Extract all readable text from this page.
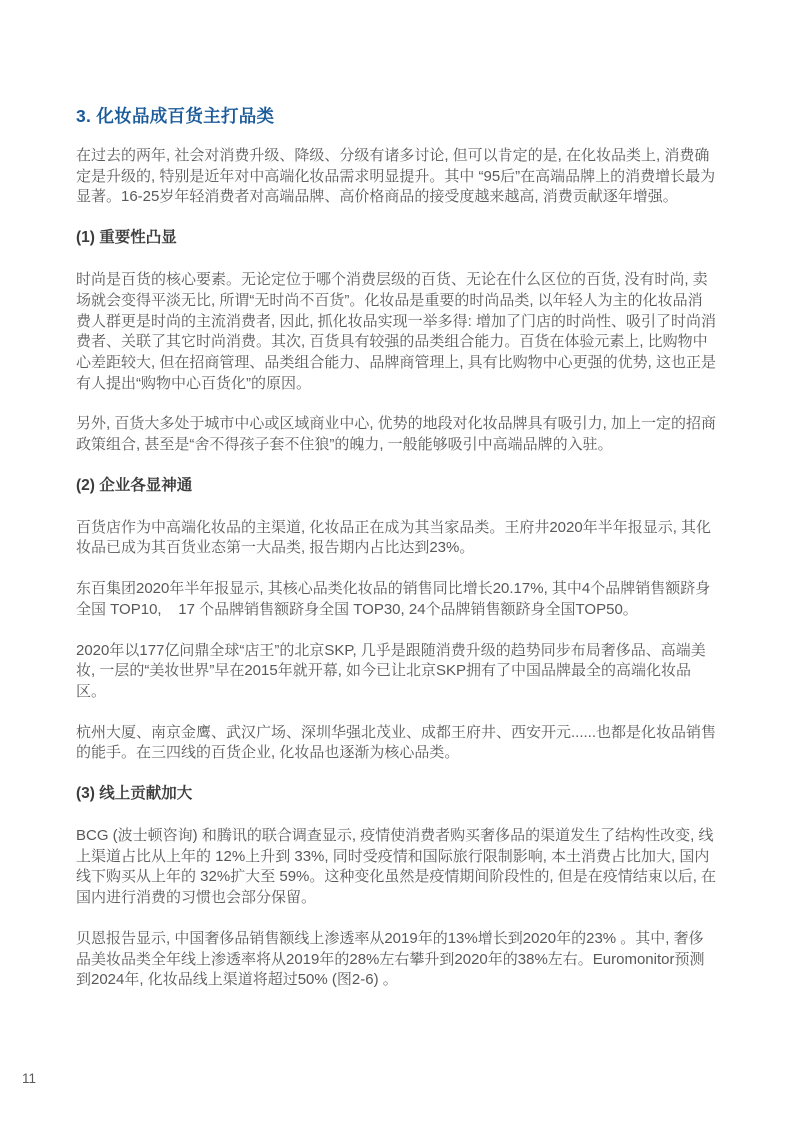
3. 化妆品成百货主打品类

在过去的两年, 社会对消费升级、降级、分级有诸多讨论, 但可以肯定的是, 在化妆品类上, 消费确定是升级的, 特别是近年对中高端化妆品需求明显提升。其中 “95后”在高端品牌上的消费增长最为显著。16-25岁年轻消费者对高端品牌、高价格商品的接受度越来越高, 消费贡献逐年增强。

(1) 重要性凸显

时尚是百货的核心要素。无论定位于哪个消费层级的百货、无论在什么区位的百货, 没有时尚, 卖场就会变得平淡无比, 所谓“无时尚不百货”。化妆品是重要的时尚品类, 以年轻人为主的化妆品消费人群更是时尚的主流消费者, 因此, 抓化妆品实现一举多得: 增加了门店的时尚性、吸引了时尚消费者、关联了其它时尚消费。其次, 百货具有较强的品类组合能力。百货在体验元素上, 比购物中心差距较大, 但在招商管理、品类组合能力、品牌商管理上, 具有比购物中心更强的优势, 这也正是有人提出“购物中心百货化”的原因。

另外, 百货大多处于城市中心或区域商业中心, 优势的地段对化妆品牌具有吸引力, 加上一定的招商政策组合, 甚至是“舍不得孩子套不住狼”的魄力, 一般能够吸引中高端品牌的入驻。

(2) 企业各显神通

百货店作为中高端化妆品的主渠道, 化妆品正在成为其当家品类。王府井2020年半年报显示, 其化妆品已成为其百货业态第一大品类, 报告期内占比达到23%。

东百集团2020年半年报显示, 其核心品类化妆品的销售同比增长20.17%, 其中4个品牌销售额跻身全国 TOP10,    17 个品牌销售额跻身全国 TOP30, 24个品牌销售额跻身全国TOP50。

2020年以177亿问鼎全球“店王”的北京SKP, 几乎是跟随消费升级的趋势同步布局奢侈品、高端美妆, 一层的“美妆世界”早在2015年就开幕, 如今已让北京SKP拥有了中国品牌最全的高端化妆品区。

杭州大厦、南京金鹰、武汉广场、深圳华强北茂业、成都王府井、西安开元......也都是化妆品销售的能手。在三四线的百货企业, 化妆品也逐渐为核心品类。

(3) 线上贡献加大

BCG (波士顿咨询) 和腾讯的联合调查显示, 疫情使消费者购买奢侈品的渠道发生了结构性改变, 线上渠道占比从上年的 12%上升到 33%, 同时受疫情和国际旅行限制影响, 本土消费占比加大, 国内线下购买从上年的 32%扩大至 59%。这种变化虽然是疫情期间阶段性的, 但是在疫情结束以后, 在国内进行消费的习惯也会部分保留。

贝恩报告显示, 中国奢侈品销售额线上渗透率从2019年的13%增长到2020年的23% 。其中, 奢侈品美妆品类全年线上渗透率将从2019年的28%左右攀升到2020年的38%左右。Euromonitor预测到2024年, 化妆品线上渠道将超过50% (图2-6) 。

11
